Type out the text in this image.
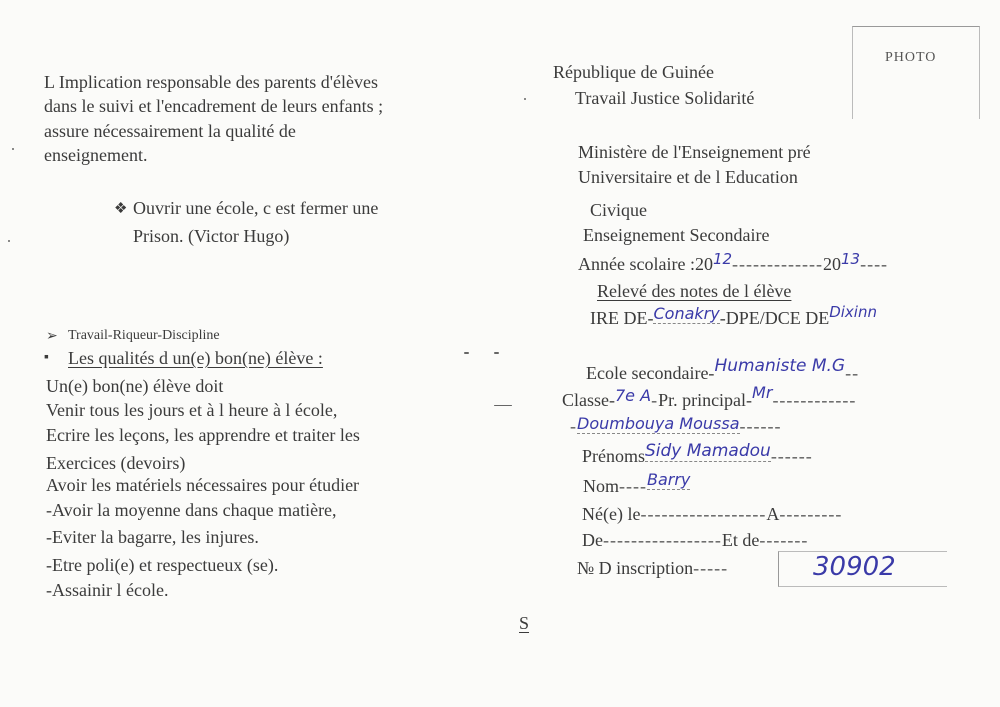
L Implication responsable des parents d'élèves
dans le suivi et l'encadrement de leurs enfants ;
assure nécessairement la qualité de
enseignement.
❖ Ouvrir une école, c est fermer une
Prison. (Victor Hugo)
➢ Travail-Riqueur-Discipline
▪ Les qualités d un(e) bon(ne) élève :
Un(e) bon(ne) élève doit
Venir tous les jours et à l heure à l école,
Ecrire les leçons, les apprendre et traiter les
Exercices (devoirs)
Avoir les matériels nécessaires pour étudier
-Avoir la moyenne dans chaque matière,
-Eviter la bagarre, les injures.
-Etre poli(e) et respectueux (se).
-Assainir l école.
S
PHOTO
République de Guinée
Travail Justice Solidarité
Ministère de l'Enseignement pré
Universitaire et de l Education
Civique
Enseignement Secondaire
Année scolaire $:20^{12}-------------20^{13}----$
Relevé des notes de l élève
IRE DE-Conakry-DPE/DCE $DE^{Dixinn}$
Ecole secondaire-Humaniste M.G--
Classe-7e A-Pr. principal-Mr------------
-Doumbouya Moussa------
PrénomsSidy Mamadou------
Nom----Barry
Né(e) le------------------A---------
De-----------------Et de-------
№ D inscription-----	30902
